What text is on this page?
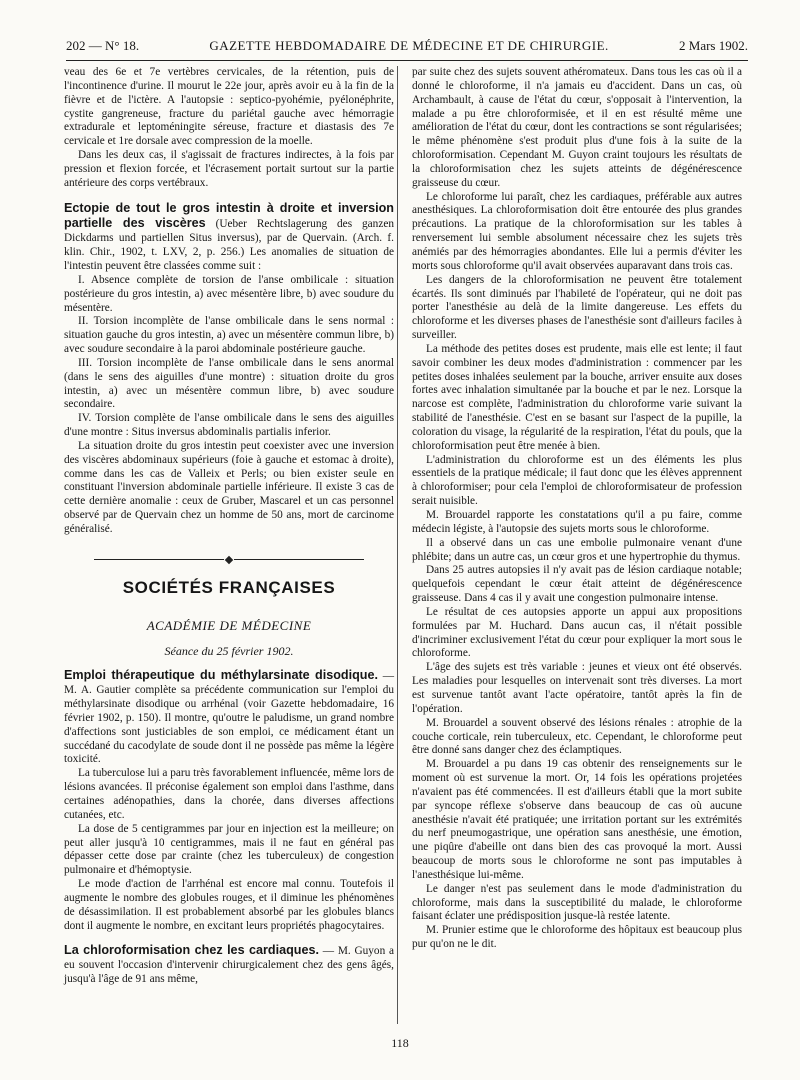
202 — N° 18.	GAZETTE HEBDOMADAIRE DE MÉDECINE ET DE CHIRURGIE.	2 Mars 1902.

veau des 6e et 7e vertèbres cervicales, de la rétention, puis de l'incontinence d'urine. Il mourut le 22e jour, après avoir eu à la fin de la fièvre et de l'ictère. A l'autopsie : septico-pyohémie, pyélonéphrite, cystite gangreneuse, fracture du pariétal gauche avec hémorragie extradurale et leptoméningite séreuse, fracture et diastasis des 7e cervicale et 1re dorsale avec compression de la moelle.

Dans les deux cas, il s'agissait de fractures indirectes, à la fois par pression et flexion forcée, et l'écrasement portait surtout sur la partie antérieure des corps vertébraux.

Ectopie de tout le gros intestin à droite et inversion partielle des viscères (Ueber Rechtslagerung des ganzen Dickdarms und partiellen Situs inversus), par de Quervain. (Arch. f. klin. Chir., 1902, t. LXV, 2, p. 256.) Les anomalies de situation de l'intestin peuvent être classées comme suit :

I. Absence complète de torsion de l'anse ombilicale : situation postérieure du gros intestin, a) avec mésentère libre, b) avec soudure du mésentère.

II. Torsion incomplète de l'anse ombilicale dans le sens normal : situation gauche du gros intestin, a) avec un mésentère commun libre, b) avec soudure secondaire à la paroi abdominale postérieure gauche.

III. Torsion incomplète de l'anse ombilicale dans le sens anormal (dans le sens des aiguilles d'une montre) : situation droite du gros intestin, a) avec un mésentère commun libre, b) avec soudure secondaire.

IV. Torsion complète de l'anse ombilicale dans le sens des aiguilles d'une montre : Situs inversus abdominalis partialis inferior.

La situation droite du gros intestin peut coexister avec une inversion des viscères abdominaux supérieurs (foie à gauche et estomac à droite), comme dans les cas de Valleix et Perls; ou bien exister seule en constituant l'inversion abdominale partielle inférieure. Il existe 3 cas de cette dernière anomalie : ceux de Gruber, Mascarel et un cas personnel observé par de Quervain chez un homme de 50 ans, mort de carcinome généralisé.

SOCIÉTÉS FRANÇAISES
ACADÉMIE DE MÉDECINE
Séance du 25 février 1902.

Emploi thérapeutique du méthylarsinate disodique. — M. A. Gautier complète sa précédente communication sur l'emploi du méthylarsinate disodique ou arrhénal (voir Gazette hebdomadaire, 16 février 1902, p. 150). Il montre, qu'outre le paludisme, un grand nombre d'affections sont justiciables de son emploi, ce médicament étant un succédané du cacodylate de soude dont il ne possède pas même la légère toxicité.

La tuberculose lui a paru très favorablement influencée, même lors de lésions avancées. Il préconise également son emploi dans l'asthme, dans certaines adénopathies, dans la chorée, dans diverses affections cutanées, etc.

La dose de 5 centigrammes par jour en injection est la meilleure; on peut aller jusqu'à 10 centigrammes, mais il ne faut en général pas dépasser cette dose par crainte (chez les tuberculeux) de congestion pulmonaire et d'hémoptysie.

Le mode d'action de l'arrhénal est encore mal connu. Toutefois il augmente le nombre des globules rouges, et il diminue les phénomènes de désassimilation. Il est probablement absorbé par les globules blancs dont il augmente le nombre, en excitant leurs propriétés phagocytaires.

La chloroformisation chez les cardiaques. — M. Guyon a eu souvent l'occasion d'intervenir chirurgicalement chez des gens âgés, jusqu'à l'âge de 91 ans même,

par suite chez des sujets souvent athéromateux. Dans tous les cas où il a donné le chloroforme, il n'a jamais eu d'accident. Dans un cas, où Archambault, à cause de l'état du cœur, s'opposait à l'intervention, la malade a pu être chloroformisée, et il en est résulté même une amélioration de l'état du cœur, dont les contractions se sont régularisées; le même phénomène s'est produit plus d'une fois à la suite de la chloroformisation. Cependant M. Guyon craint toujours les résultats de la chloroformisation chez les sujets atteints de dégénérescence graisseuse du cœur.

Le chloroforme lui paraît, chez les cardiaques, préférable aux autres anesthésiques. La chloroformisation doit être entourée des plus grandes précautions. La pratique de la chloroformisation sur les tables à renversement lui semble absolument nécessaire chez les sujets très anémiés par des hémorragies abondantes. Elle lui a permis d'éviter les morts sous chloroforme qu'il avait observées auparavant dans trois cas.

Les dangers de la chloroformisation ne peuvent être totalement écartés. Ils sont diminués par l'habileté de l'opérateur, qui ne doit pas porter l'anesthésie au delà de la limite dangereuse. Les effets du chloroforme et les diverses phases de l'anesthésie sont d'ailleurs faciles à surveiller.

La méthode des petites doses est prudente, mais elle est lente; il faut savoir combiner les deux modes d'administration : commencer par les petites doses inhalées seulement par la bouche, arriver ensuite aux doses fortes avec inhalation simultanée par la bouche et par le nez. Lorsque la narcose est complète, l'administration du chloroforme varie suivant la stabilité de l'anesthésie. C'est en se basant sur l'aspect de la pupille, la coloration du visage, la régularité de la respiration, l'état du pouls, que la chloroformisation peut être menée à bien.

L'administration du chloroforme est un des éléments les plus essentiels de la pratique médicale; il faut donc que les élèves apprennent à chloroformiser; pour cela l'emploi de chloroformisateur de profession serait nuisible.

M. Brouardel rapporte les constatations qu'il a pu faire, comme médecin légiste, à l'autopsie des sujets morts sous le chloroforme.

Il a observé dans un cas une embolie pulmonaire venant d'une phlébite; dans un autre cas, un cœur gros et une hypertrophie du thymus.

Dans 25 autres autopsies il n'y avait pas de lésion cardiaque notable; quelquefois cependant le cœur était atteint de dégénérescence graisseuse. Dans 4 cas il y avait une congestion pulmonaire intense.

Le résultat de ces autopsies apporte un appui aux propositions formulées par M. Huchard. Dans aucun cas, il n'était possible d'incriminer exclusivement l'état du cœur pour expliquer la mort sous le chloroforme.

L'âge des sujets est très variable : jeunes et vieux ont été observés. Les maladies pour lesquelles on intervenait sont très diverses. La mort est survenue tantôt avant l'acte opératoire, tantôt après la fin de l'opération.

M. Brouardel a souvent observé des lésions rénales : atrophie de la couche corticale, rein tuberculeux, etc. Cependant, le chloroforme peut être donné sans danger chez des éclamptiques.

M. Brouardel a pu dans 19 cas obtenir des renseignements sur le moment où est survenue la mort. Or, 14 fois les opérations projetées n'avaient pas été commencées. Il est d'ailleurs établi que la mort subite par syncope réflexe s'observe dans beaucoup de cas où aucune anesthésie n'avait été pratiquée; une irritation portant sur les extrémités du nerf pneumogastrique, une opération sans anesthésie, une émotion, une piqûre d'abeille ont dans bien des cas provoqué la mort. Aussi beaucoup de morts sous le chloroforme ne sont pas imputables à l'anesthésique lui-même.

Le danger n'est pas seulement dans le mode d'administration du chloroforme, mais dans la susceptibilité du malade, le chloroforme faisant éclater une prédisposition jusque-là restée latente.

M. Prunier estime que le chloroforme des hôpitaux est beaucoup plus pur qu'on ne le dit.

118
